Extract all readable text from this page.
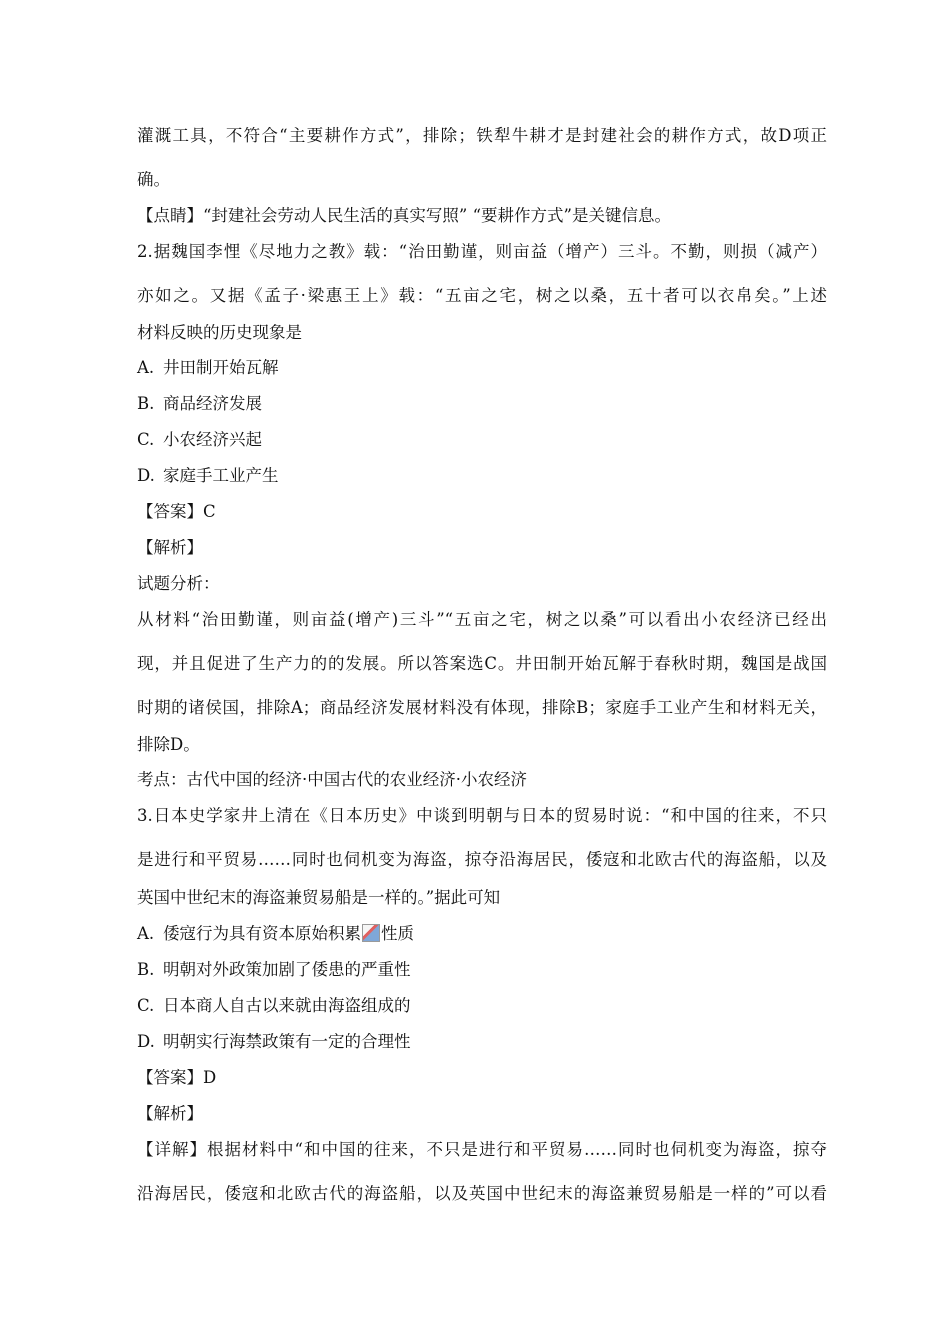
灌溉工具，不符合“主要耕作方式”，排除；铁犁牛耕才是封建社会的耕作方式，故D项正
确。
【点睛】“封建社会劳动人民生活的真实写照” “要耕作方式”是关键信息。
2.据魏国李悝《尽地力之教》载：“治田勤谨，则亩益（增产）三斗。不勤，则损（减产）
亦如之。又据《孟子·梁惠王上》载：“五亩之宅，树之以桑，五十者可以衣帛矣。”上述
材料反映的历史现象是
A. 井田制开始瓦解
B. 商品经济发展
C. 小农经济兴起
D. 家庭手工业产生
【答案】C
【解析】
试题分析：
从材料“治田勤谨，则亩益(增产)三斗”“五亩之宅，树之以桑”可以看出小农经济已经出
现，并且促进了生产力的的发展。所以答案选C。井田制开始瓦解于春秋时期，魏国是战国
时期的诸侯国，排除A；商品经济发展材料没有体现，排除B；家庭手工业产生和材料无关，
排除D。
考点：古代中国的经济·中国古代的农业经济·小农经济
3.日本史学家井上清在《日本历史》中谈到明朝与日本的贸易时说：“和中国的往来，不只
是进行和平贸易……同时也伺机变为海盗，掠夺沿海居民，倭寇和北欧古代的海盗船，以及
英国中世纪末的海盗兼贸易船是一样的。”据此可知
A. 倭寇行为具有资本原始积累 性质
B. 明朝对外政策加剧了倭患的严重性
C. 日本商人自古以来就由海盗组成的
D. 明朝实行海禁政策有一定的合理性
【答案】D
【解析】
【详解】根据材料中“和中国的往来，不只是进行和平贸易……同时也伺机变为海盗，掠夺
沿海居民，倭寇和北欧古代的海盗船，以及英国中世纪末的海盗兼贸易船是一样的”可以看
